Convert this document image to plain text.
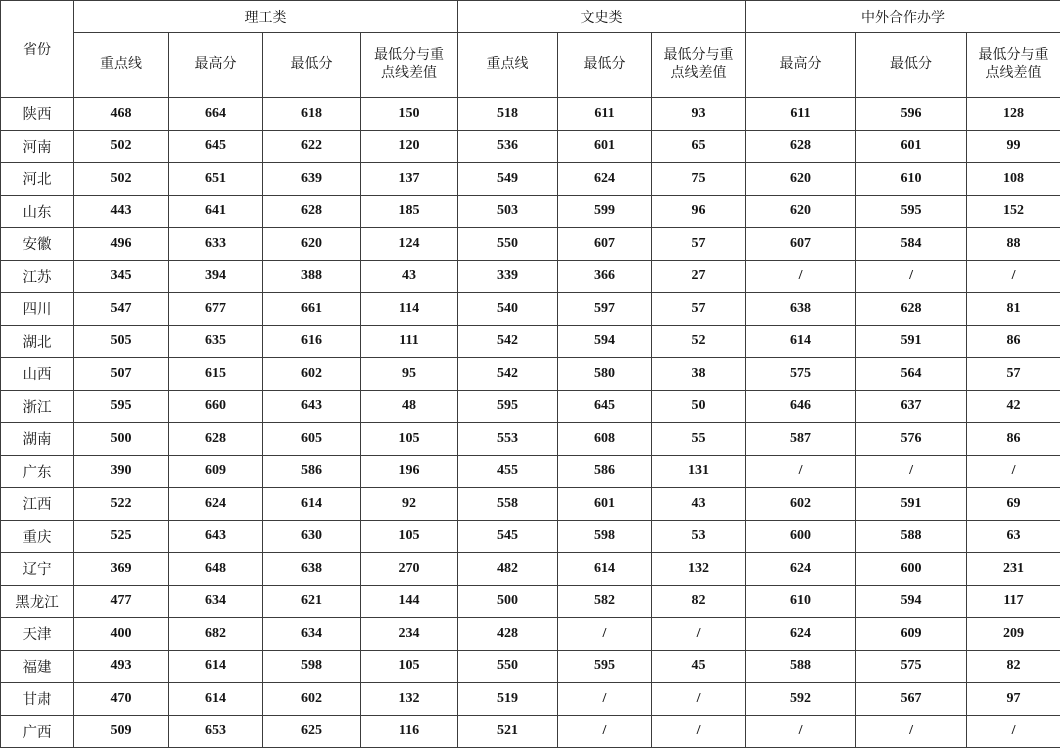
省份	理工类				文史类			中外合作办学		
	重点线	最高分	最低分	最低分与重点线差值	重点线	最低分	最低分与重点线差值	最高分	最低分	最低分与重点线差值
陕西	468	664	618	150	518	611	93	611	596	128
河南	502	645	622	120	536	601	65	628	601	99
河北	502	651	639	137	549	624	75	620	610	108
山东	443	641	628	185	503	599	96	620	595	152
安徽	496	633	620	124	550	607	57	607	584	88
江苏	345	394	388	43	339	366	27	/	/	/
四川	547	677	661	114	540	597	57	638	628	81
湖北	505	635	616	111	542	594	52	614	591	86
山西	507	615	602	95	542	580	38	575	564	57
浙江	595	660	643	48	595	645	50	646	637	42
湖南	500	628	605	105	553	608	55	587	576	86
广东	390	609	586	196	455	586	131	/	/	/
江西	522	624	614	92	558	601	43	602	591	69
重庆	525	643	630	105	545	598	53	600	588	63
辽宁	369	648	638	270	482	614	132	624	600	231
黑龙江	477	634	621	144	500	582	82	610	594	117
天津	400	682	634	234	428	/	/	624	609	209
福建	493	614	598	105	550	595	45	588	575	82
甘肃	470	614	602	132	519	/	/	592	567	97
广西	509	653	625	116	521	/	/	/	/	/
